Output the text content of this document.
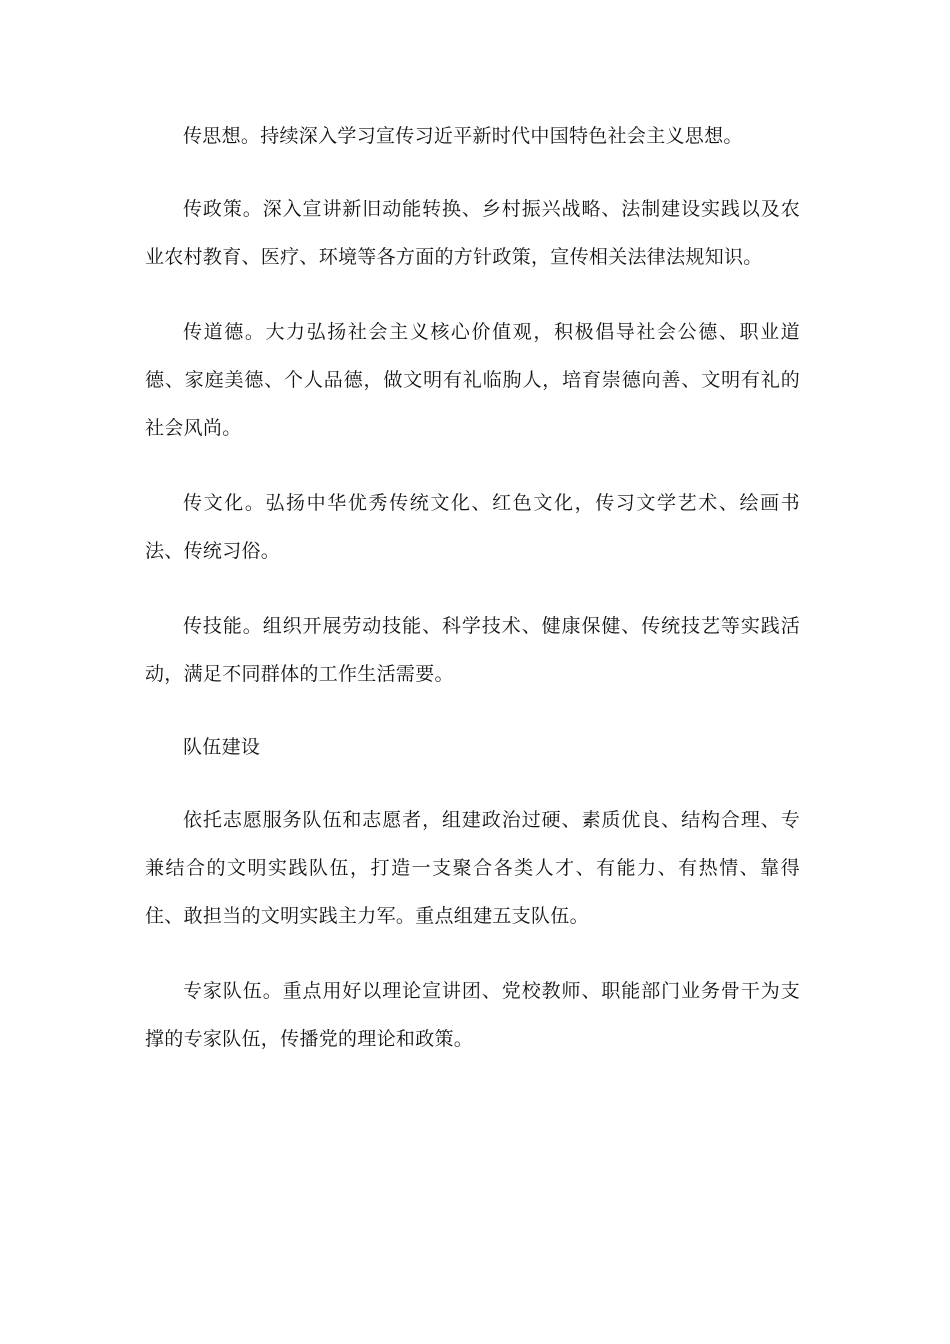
传思想。持续深入学习宣传习近平新时代中国特色社会主义思想。

传政策。深入宣讲新旧动能转换、乡村振兴战略、法制建设实践以及农业农村教育、医疗、环境等各方面的方针政策，宣传相关法律法规知识。

传道德。大力弘扬社会主义核心价值观，积极倡导社会公德、职业道德、家庭美德、个人品德，做文明有礼临朐人，培育崇德向善、文明有礼的社会风尚。

传文化。弘扬中华优秀传统文化、红色文化，传习文学艺术、绘画书法、传统习俗。

传技能。组织开展劳动技能、科学技术、健康保健、传统技艺等实践活动，满足不同群体的工作生活需要。

队伍建设

依托志愿服务队伍和志愿者，组建政治过硬、素质优良、结构合理、专兼结合的文明实践队伍，打造一支聚合各类人才、有能力、有热情、靠得住、敢担当的文明实践主力军。重点组建五支队伍。

专家队伍。重点用好以理论宣讲团、党校教师、职能部门业务骨干为支撑的专家队伍，传播党的理论和政策。
